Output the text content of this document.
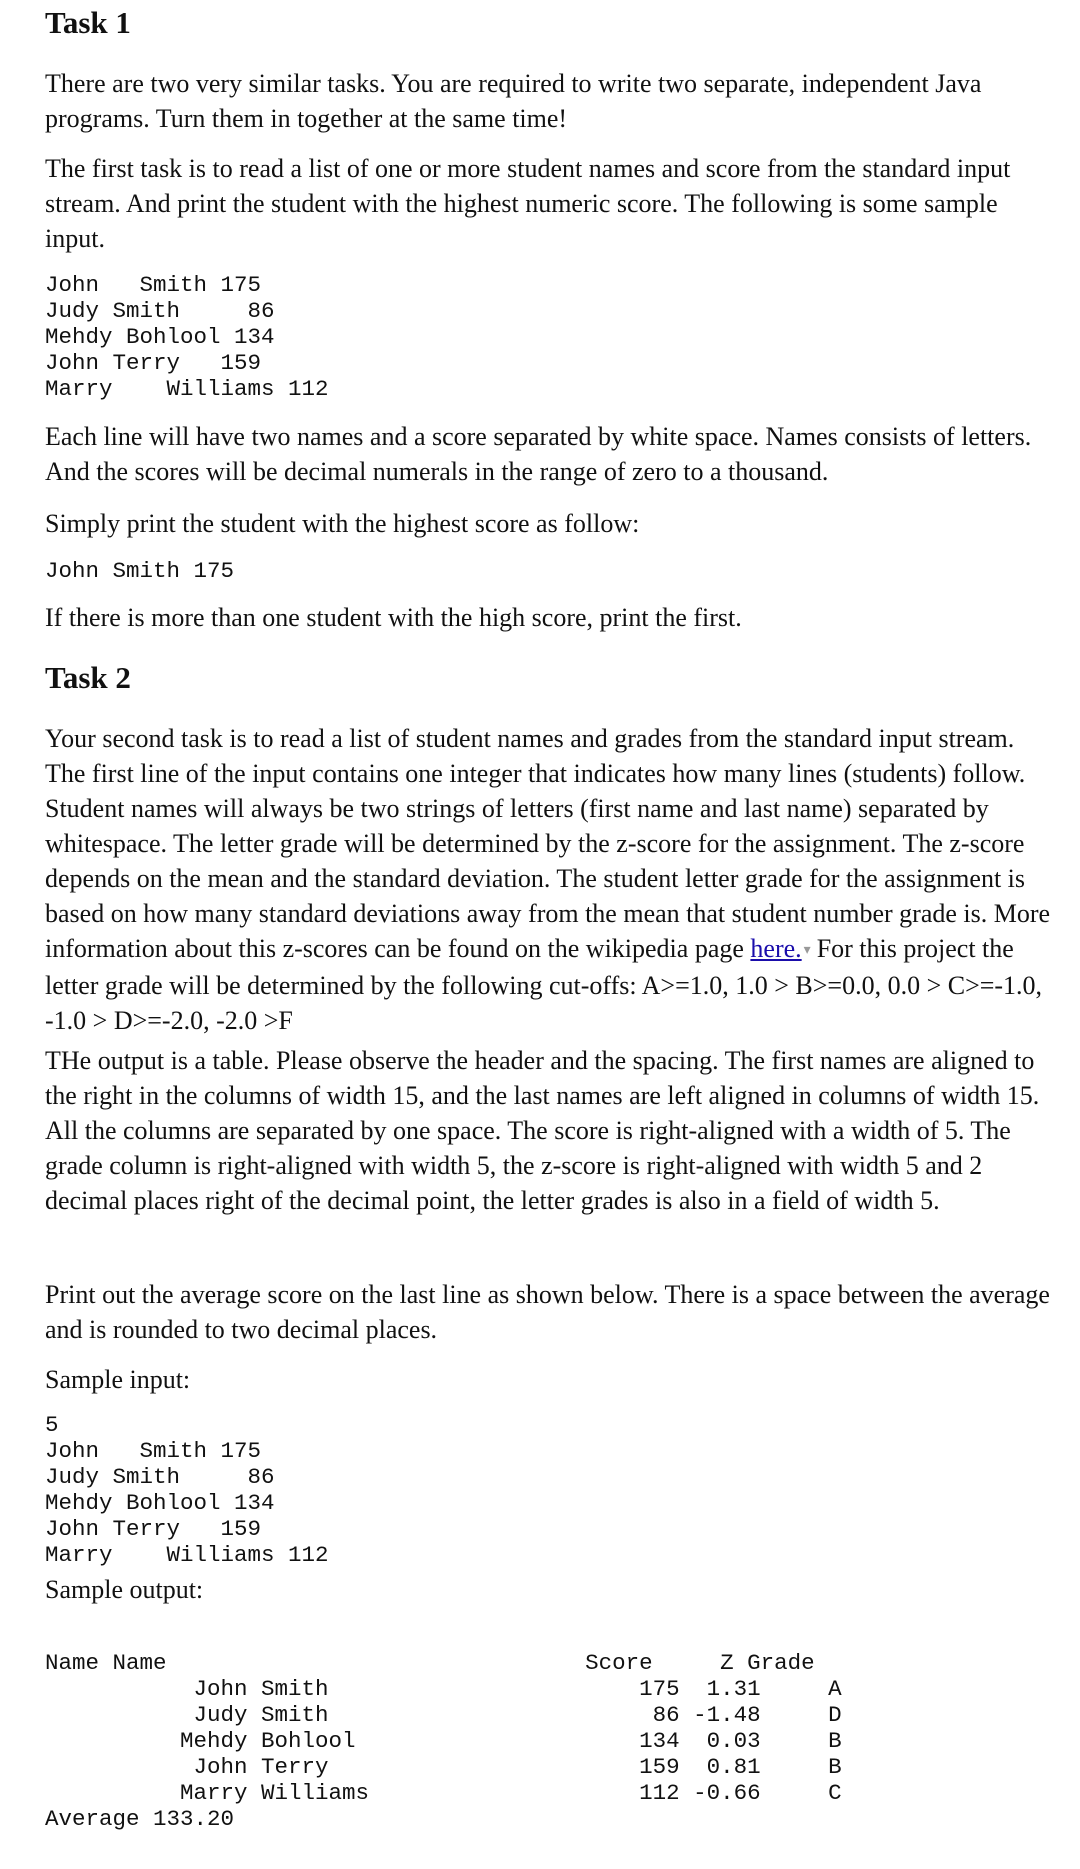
Task 1

There are two very similar tasks. You are required to write two separate, independent Java programs. Turn them in together at the same time!

The first task is to read a list of one or more student names and score from the standard input stream. And print the student with the highest numeric score. The following is some sample input.

John   Smith 175
Judy Smith     86
Mehdy Bohlool 134
John Terry   159
Marry    Williams 112

Each line will have two names and a score separated by white space. Names consists of letters. And the scores will be decimal numerals in the range of zero to a thousand.

Simply print the student with the highest score as follow:

John Smith 175

If there is more than one student with the high score, print the first.

Task 2

Your second task is to read a list of student names and grades from the standard input stream. The first line of the input contains one integer that indicates how many lines (students) follow. Student names will always be two strings of letters (first name and last name) separated by whitespace. The letter grade will be determined by the z-score for the assignment. The z-score depends on the mean and the standard deviation. The student letter grade for the assignment is based on how many standard deviations away from the mean that student number grade is. More information about this z-scores can be found on the wikipedia page here. ▾ For this project the letter grade will be determined by the following cut-offs: A>=1.0, 1.0 > B>=0.0, 0.0 > C>=-1.0, -1.0 > D>=-2.0, -2.0 >F

THe output is a table. Please observe the header and the spacing. The first names are aligned to the right in the columns of width 15, and the last names are left aligned in columns of width 15. All the columns are separated by one space. The score is right-aligned with a width of 5. The grade column is right-aligned with width 5, the z-score is right-aligned with width 5 and 2 decimal places right of the decimal point, the letter grades is also in a field of width 5.

Print out the average score on the last line as shown below. There is a space between the average and is rounded to two decimal places.

Sample input:

5
John   Smith 175
Judy Smith     86
Mehdy Bohlool 134
John Terry   159
Marry    Williams 112

Sample output:

Name Name                               Score     Z Grade
John Smith                       175  1.31     A
Judy Smith                        86 -1.48     D
Mehdy Bohlool                     134  0.03     B
John Terry                       159  0.81     B
Marry Williams                    112 -0.66     C
Average 133.20
